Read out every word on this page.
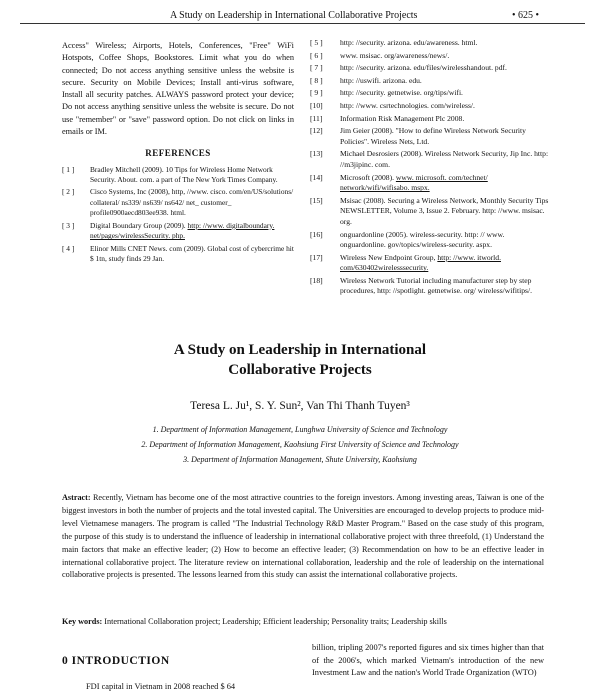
A Study on Leadership in International Collaborative Projects	• 625 •

Access" Wireless; Airports, Hotels, Conferences, "Free" WiFi Hotspots, Coffee Shops, Bookstores. Limit what you do when connected; Do not access anything sensitive unless the website is secure. Security on Mobile Devices; Install anti-virus software, Install all security patches. ALWAYS password protect your device; Do not access anything sensitive unless the website is secure. Do not use "remember" or "save" password option. Do not click on links in emails or IM.

REFERENCES
[ 1 ] Bradley Mitchell (2009). 10 Tips for Wireless Home Network Security. About. com. a part of The New York Times Company.
[ 2 ] Cisco Systems, Inc (2008), http, //www. cisco. com/en/US/solutions/ collateral/ ns339/ ns639/ ns642/ net_ customer_ profile0900aecd803ee938. html.
[ 3 ] Digital Boundary Group (2009). http: //www. digitalboundary. net/pages/wirelessSecurity. php.
[ 4 ] Elinor Mills CNET News. com (2009). Global cost of cybercrime hit $ 1tn, study finds 29 Jan.
[ 5 ] http: //security. arizona. edu/awareness. html.
[ 6 ] www. msisac. org/awareness/news/.
[ 7 ] http: //security. arizona. edu/files/wirelesshandout. pdf.
[ 8 ] http: //uswifi. arizona. edu.
[ 9 ] http: //security. getnetwise. org/tips/wifi.
[10] http: //www. csrtechnologies. com/wireless/.
[11] Information Risk Management Plc 2008.
[12] Jim Geier (2008). "How to define Wireless Network Security Policies". Wireless Nets, Ltd.
[13] Michael Desrosiers (2008). Wireless Network Security, Jip Inc. http: //m3jipinc. com.
[14] Microsoft (2008). www. microsoft. com/technet/ network/wifi/wifisabo. mspx.
[15] Msisac (2008). Securing a Wireless Network, Monthly Security Tips NEWSLETTER, Volume 3, Issue 2. February. http: //www. msisac. org.
[16] onguardonline (2005). wireless-security. http: // www. onguardonline. gov/topics/wireless-security. aspx.
[17] Wireless New Endpoint Group, http: //www. itworld. com/630402wirelesssecurity.
[18] Wireless Network Tutorial including manufacturer step by step procedures, http: //spotlight. getnetwise. org/ wireless/wifitips/.
A Study on Leadership in International
Collaborative Projects
Teresa L. Ju¹, S. Y. Sun², Van Thi Thanh Tuyen³
1. Department of Information Management, Lunghwa University of Science and Technology
2. Department of Information Management, Kaohsiung First University of Science and Technology
3. Department of Information Management, Shute University, Kaohsiung
Astract: Recently, Vietnam has become one of the most attractive countries to the foreign investors. Among investing areas, Taiwan is one of the biggest investors in both the number of projects and the total invested capital. The Universities are encouraged to develop projects to produce mid-level Vietnamese managers. The program is called "The Industrial Technology R&D Master Program." Based on the case study of this program, the purpose of this study is to understand the influence of leadership in international collaborative project with three threefold, (1) Understand the main factors that make an effective leader; (2) How to become an effective leader; (3) Recommendation on how to be an effective leader in international collaborative project. The literature review on international collaboration, leadership and the role of leadership on the international collaborative projects is presented. The lessons learned from this study can assist the international collaborative projects.
Key words: International Collaboration project; Leadership; Efficient leadership; Personality traits; Leadership skills
0 INTRODUCTION
FDI capital in Vietnam in 2008 reached $ 64
billion, tripling 2007's reported figures and six times higher than that of the 2006's, which marked Vietnam's introduction of the new Investment Law and the nation's World Trade Organization (WTO)
